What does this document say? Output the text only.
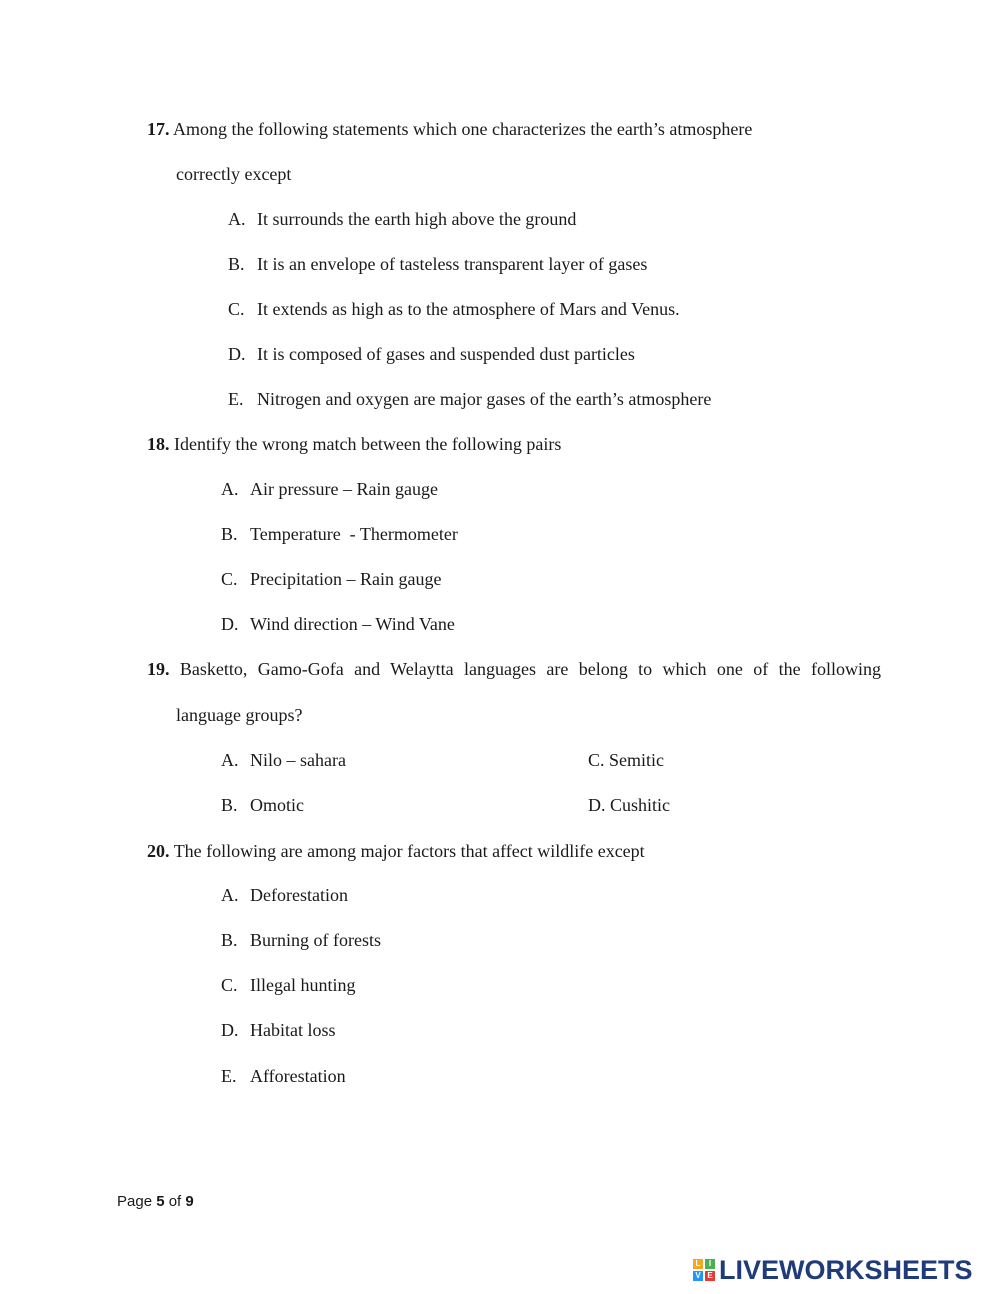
17. Among the following statements which one characterizes the earth’s atmosphere
correctly except
A. It surrounds the earth high above the ground
B. It is an envelope of tasteless transparent layer of gases
C. It extends as high as to the atmosphere of Mars and Venus.
D. It is composed of gases and suspended dust particles
E. Nitrogen and oxygen are major gases of the earth’s atmosphere
18. Identify the wrong match between the following pairs
A. Air pressure – Rain gauge
B. Temperature  - Thermometer
C. Precipitation – Rain gauge
D. Wind direction – Wind Vane
19. Basketto, Gamo-Gofa and Welaytta languages are belong to which one of the following
language groups?
A. Nilo – sahara	C. Semitic
B. Omotic	D. Cushitic
20. The following are among major factors that affect wildlife except
A. Deforestation
B. Burning of forests
C. Illegal hunting
D. Habitat loss
E. Afforestation
Page 5 of 9
L	I
V E LIVEWORKSHEETS
